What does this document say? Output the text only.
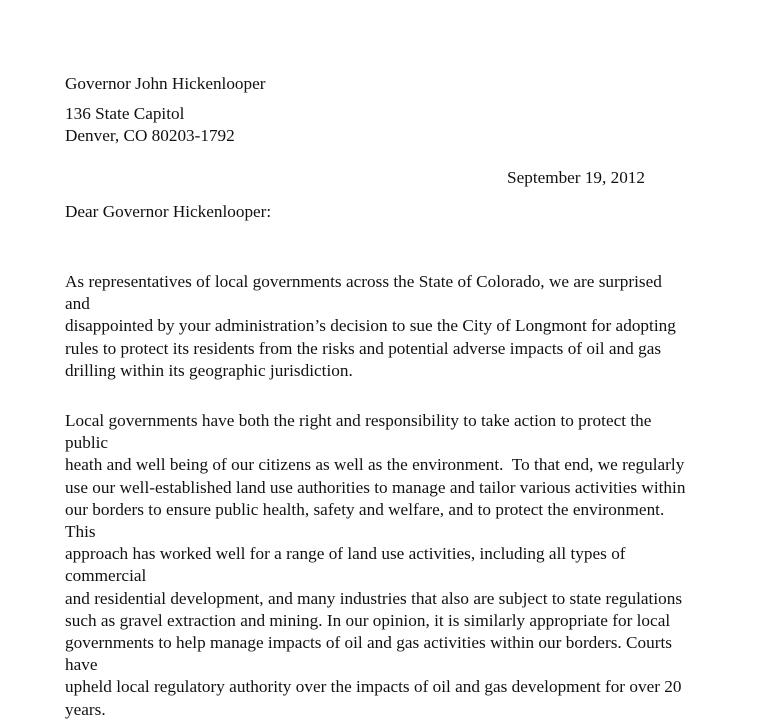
Governor John Hickenlooper
136 State Capitol
Denver, CO 80203-1792
September 19, 2012
Dear Governor Hickenlooper:
As representatives of local governments across the State of Colorado, we are surprised and
disappointed by your administration’s decision to sue the City of Longmont for adopting
rules to protect its residents from the risks and potential adverse impacts of oil and gas
drilling within its geographic jurisdiction.
Local governments have both the right and responsibility to take action to protect the public
heath and well being of our citizens as well as the environment.  To that end, we regularly
use our well-established land use authorities to manage and tailor various activities within
our borders to ensure public health, safety and welfare, and to protect the environment. This
approach has worked well for a range of land use activities, including all types of commercial
and residential development, and many industries that also are subject to state regulations
such as gravel extraction and mining. In our opinion, it is similarly appropriate for local
governments to help manage impacts of oil and gas activities within our borders. Courts have
upheld local regulatory authority over the impacts of oil and gas development for over 20
years.
